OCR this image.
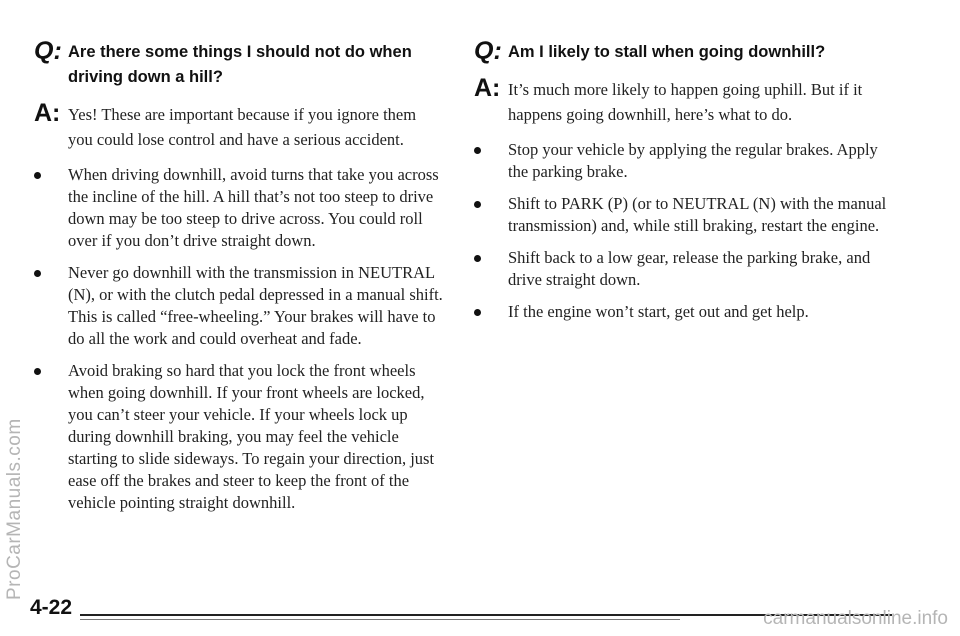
ProCarManuals.com
Q: Are there some things I should not do when driving down a hill?
A: Yes! These are important because if you ignore them you could lose control and have a serious accident.
When driving downhill, avoid turns that take you across the incline of the hill. A hill that’s not too steep to drive down may be too steep to drive across. You could roll over if you don’t drive straight down.
Never go downhill with the transmission in NEUTRAL (N), or with the clutch pedal depressed in a manual shift. This is called “free-wheeling.” Your brakes will have to do all the work and could overheat and fade.
Avoid braking so hard that you lock the front wheels when going downhill. If your front wheels are locked, you can’t steer your vehicle. If your wheels lock up during downhill braking, you may feel the vehicle starting to slide sideways. To regain your direction, just ease off the brakes and steer to keep the front of the vehicle pointing straight downhill.
Q: Am I likely to stall when going downhill?
A: It’s much more likely to happen going uphill. But if it happens going downhill, here’s what to do.
Stop your vehicle by applying the regular brakes. Apply the parking brake.
Shift to PARK (P) (or to NEUTRAL (N) with the manual transmission) and, while still braking, restart the engine.
Shift back to a low gear, release the parking brake, and drive straight down.
If the engine won’t start, get out and get help.
4-22	carmanualsonline.info
